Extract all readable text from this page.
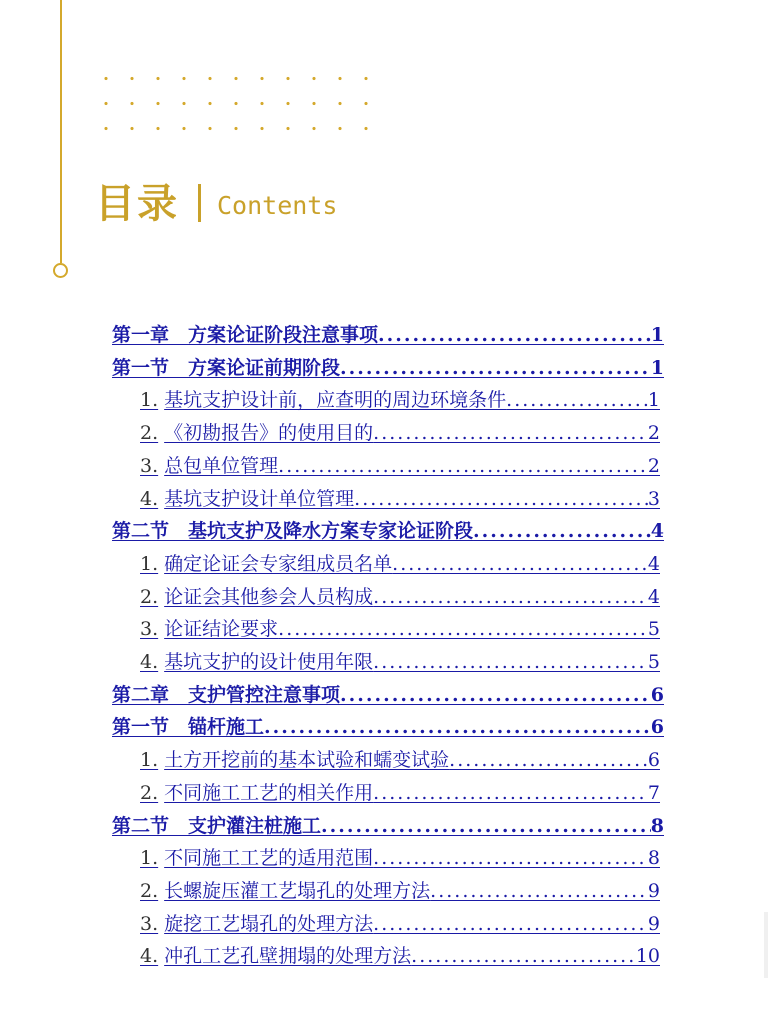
目录 Contents
第一章　方案论证阶段注意事项 .....	1
第一节　方案论证前期阶段 .....	1
1. 基坑支护设计前，应查明的周边环境条件 .....	1
2. 《初勘报告》的使用目的 .....	2
3. 总包单位管理 .....	2
4. 基坑支护设计单位管理 .....	3
第二节　基坑支护及降水方案专家论证阶段 .....	4
1. 确定论证会专家组成员名单 .....	4
2. 论证会其他参会人员构成 .....	4
3. 论证结论要求 .....	5
4. 基坑支护的设计使用年限 .....	5
第二章　支护管控注意事项 .....	6
第一节　锚杆施工 .....	6
1. 土方开挖前的基本试验和蠕变试验 .....	6
2. 不同施工工艺的相关作用 .....	7
第二节　支护灌注桩施工 .....	8
1. 不同施工工艺的适用范围 .....	8
2. 长螺旋压灌工艺塌孔的处理方法 .....	9
3. 旋挖工艺塌孔的处理方法 .....	9
4. 冲孔工艺孔壁拥塌的处理方法 .....	10
